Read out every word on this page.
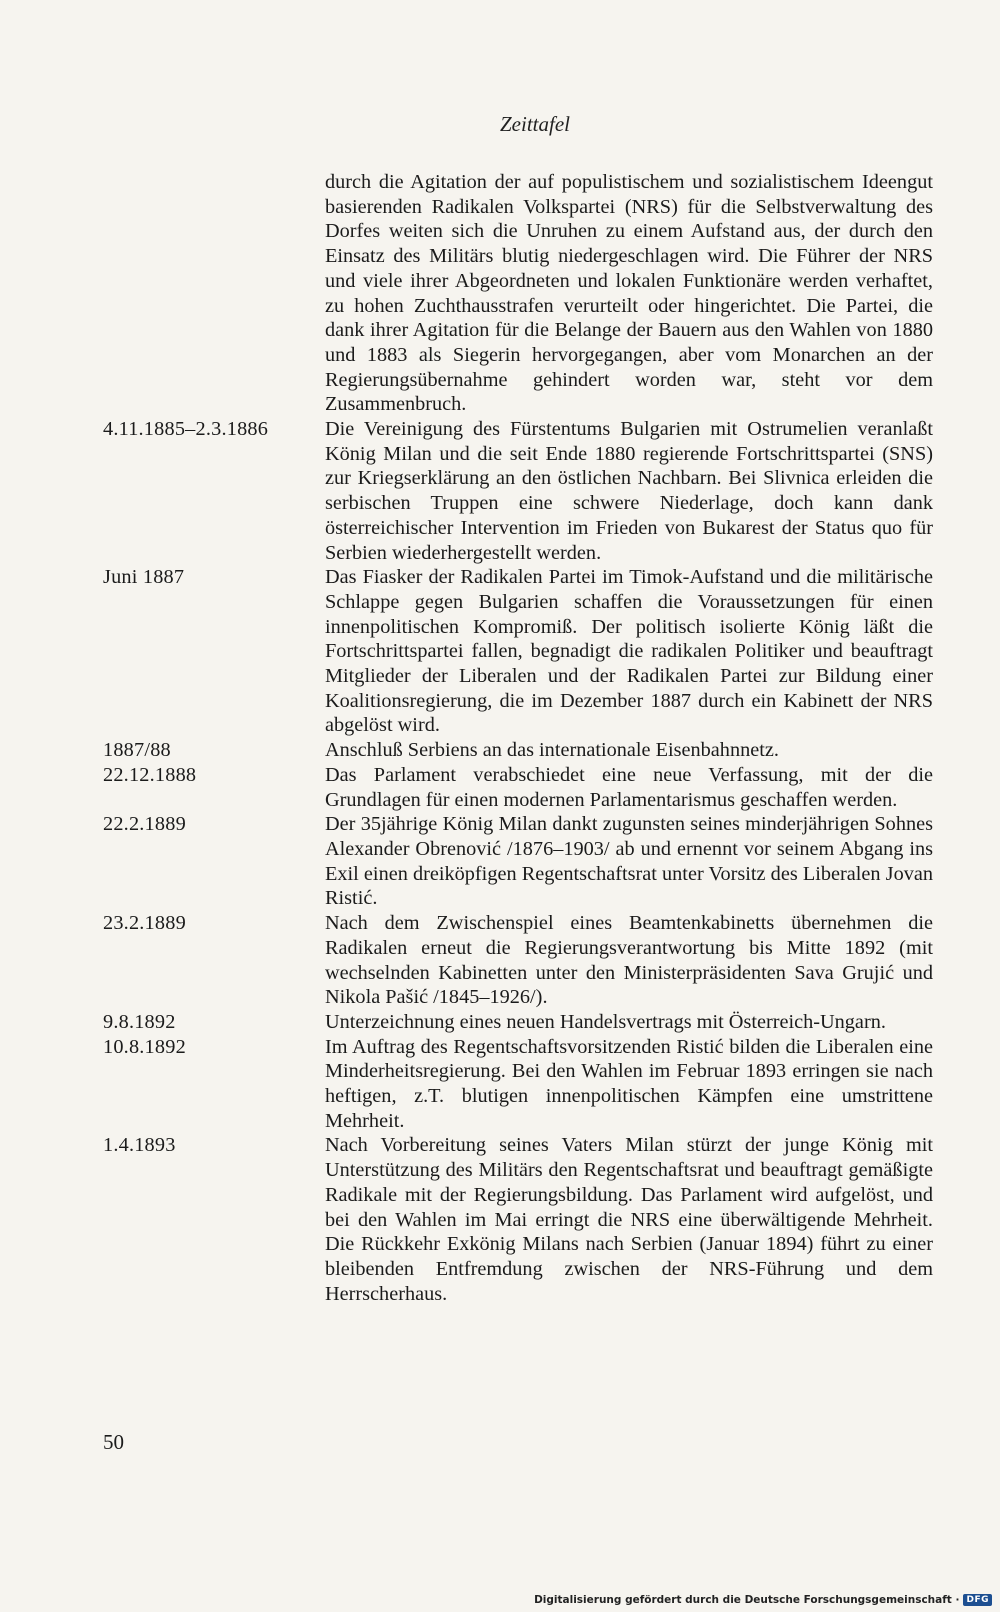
Zeittafel
durch die Agitation der auf populistischem und sozialistischem Ideengut basierenden Radikalen Volkspartei (NRS) für die Selbstverwaltung des Dorfes weiten sich die Unruhen zu einem Aufstand aus, der durch den Einsatz des Militärs blutig niedergeschlagen wird. Die Führer der NRS und viele ihrer Abgeordneten und lokalen Funktionäre werden verhaftet, zu hohen Zuchthausstrafen verurteilt oder hingerichtet. Die Partei, die dank ihrer Agitation für die Belange der Bauern aus den Wahlen von 1880 und 1883 als Siegerin hervorgegangen, aber vom Monarchen an der Regierungsübernahme gehindert worden war, steht vor dem Zusammenbruch.
4.11.1885–2.3.1886	Die Vereinigung des Fürstentums Bulgarien mit Ostrumelien veranlaßt König Milan und die seit Ende 1880 regierende Fortschrittspartei (SNS) zur Kriegserklärung an den östlichen Nachbarn. Bei Slivnica erleiden die serbischen Truppen eine schwere Niederlage, doch kann dank österreichischer Intervention im Frieden von Bukarest der Status quo für Serbien wiederhergestellt werden.
Juni 1887	Das Fiasker der Radikalen Partei im Timok-Aufstand und die militärische Schlappe gegen Bulgarien schaffen die Voraussetzungen für einen innenpolitischen Kompromiß. Der politisch isolierte König läßt die Fortschrittspartei fallen, begnadigt die radikalen Politiker und beauftragt Mitglieder der Liberalen und der Radikalen Partei zur Bildung einer Koalitionsregierung, die im Dezember 1887 durch ein Kabinett der NRS abgelöst wird.
1887/88	Anschluß Serbiens an das internationale Eisenbahnnetz.
22.12.1888	Das Parlament verabschiedet eine neue Verfassung, mit der die Grundlagen für einen modernen Parlamentarismus geschaffen werden.
22.2.1889	Der 35jährige König Milan dankt zugunsten seines minderjährigen Sohnes Alexander Obrenović /1876–1903/ ab und ernennt vor seinem Abgang ins Exil einen dreiköpfigen Regentschaftsrat unter Vorsitz des Liberalen Jovan Ristić.
23.2.1889	Nach dem Zwischenspiel eines Beamtenkabinetts übernehmen die Radikalen erneut die Regierungsverantwortung bis Mitte 1892 (mit wechselnden Kabinetten unter den Ministerpräsidenten Sava Grujić und Nikola Pašić /1845–1926/).
9.8.1892	Unterzeichnung eines neuen Handelsvertrags mit Österreich-Ungarn.
10.8.1892	Im Auftrag des Regentschaftsvorsitzenden Ristić bilden die Liberalen eine Minderheitsregierung. Bei den Wahlen im Februar 1893 erringen sie nach heftigen, z.T. blutigen innenpolitischen Kämpfen eine umstrittene Mehrheit.
1.4.1893	Nach Vorbereitung seines Vaters Milan stürzt der junge König mit Unterstützung des Militärs den Regentschaftsrat und beauftragt gemäßigte Radikale mit der Regierungsbildung. Das Parlament wird aufgelöst, und bei den Wahlen im Mai erringt die NRS eine überwältigende Mehrheit. Die Rückkehr Exkönig Milans nach Serbien (Januar 1894) führt zu einer bleibenden Entfremdung zwischen der NRS-Führung und dem Herrscherhaus.
50
Digitalisierung gefördert durch die Deutsche Forschungsgemeinschaft · DFG
